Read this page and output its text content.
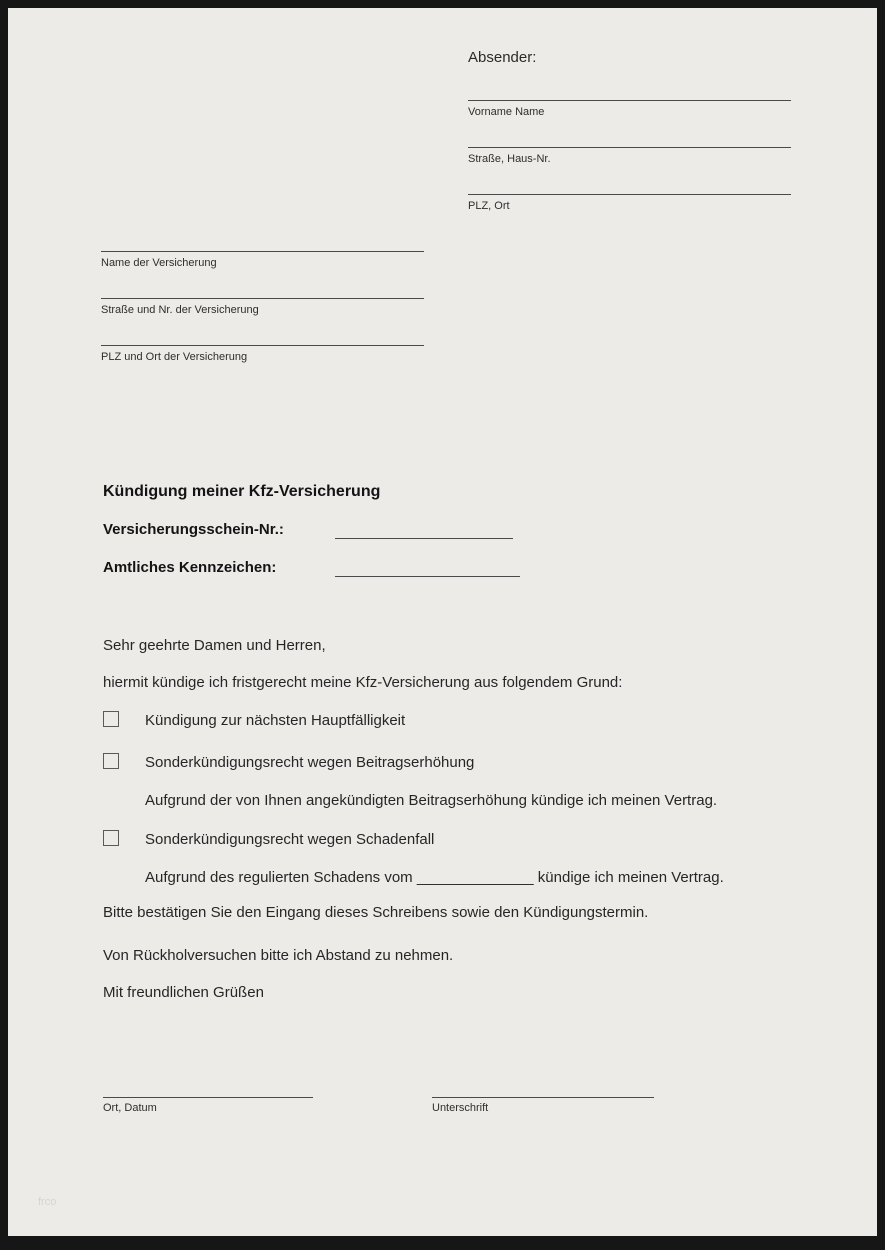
Absender:
Vorname Name
Straße, Haus-Nr.
PLZ, Ort
Name der Versicherung
Straße und Nr. der Versicherung
PLZ und Ort der Versicherung
Kündigung meiner Kfz-Versicherung
Versicherungsschein-Nr.:
Amtliches Kennzeichen:
Sehr geehrte Damen und Herren,
hiermit kündige ich fristgerecht meine Kfz-Versicherung aus folgendem Grund:
Kündigung zur nächsten Hauptfälligkeit
Sonderkündigungsrecht wegen Beitragserhöhung
Aufgrund der von Ihnen angekündigten Beitragserhöhung kündige ich meinen Vertrag.
Sonderkündigungsrecht wegen Schadenfall
Aufgrund des regulierten Schadens vom ______________ kündige ich meinen Vertrag.
Bitte bestätigen Sie den Eingang dieses Schreibens sowie den Kündigungstermin.
Von Rückholversuchen bitte ich Abstand zu nehmen.
Mit freundlichen Grüßen
Ort, Datum	Unterschrift
frco
